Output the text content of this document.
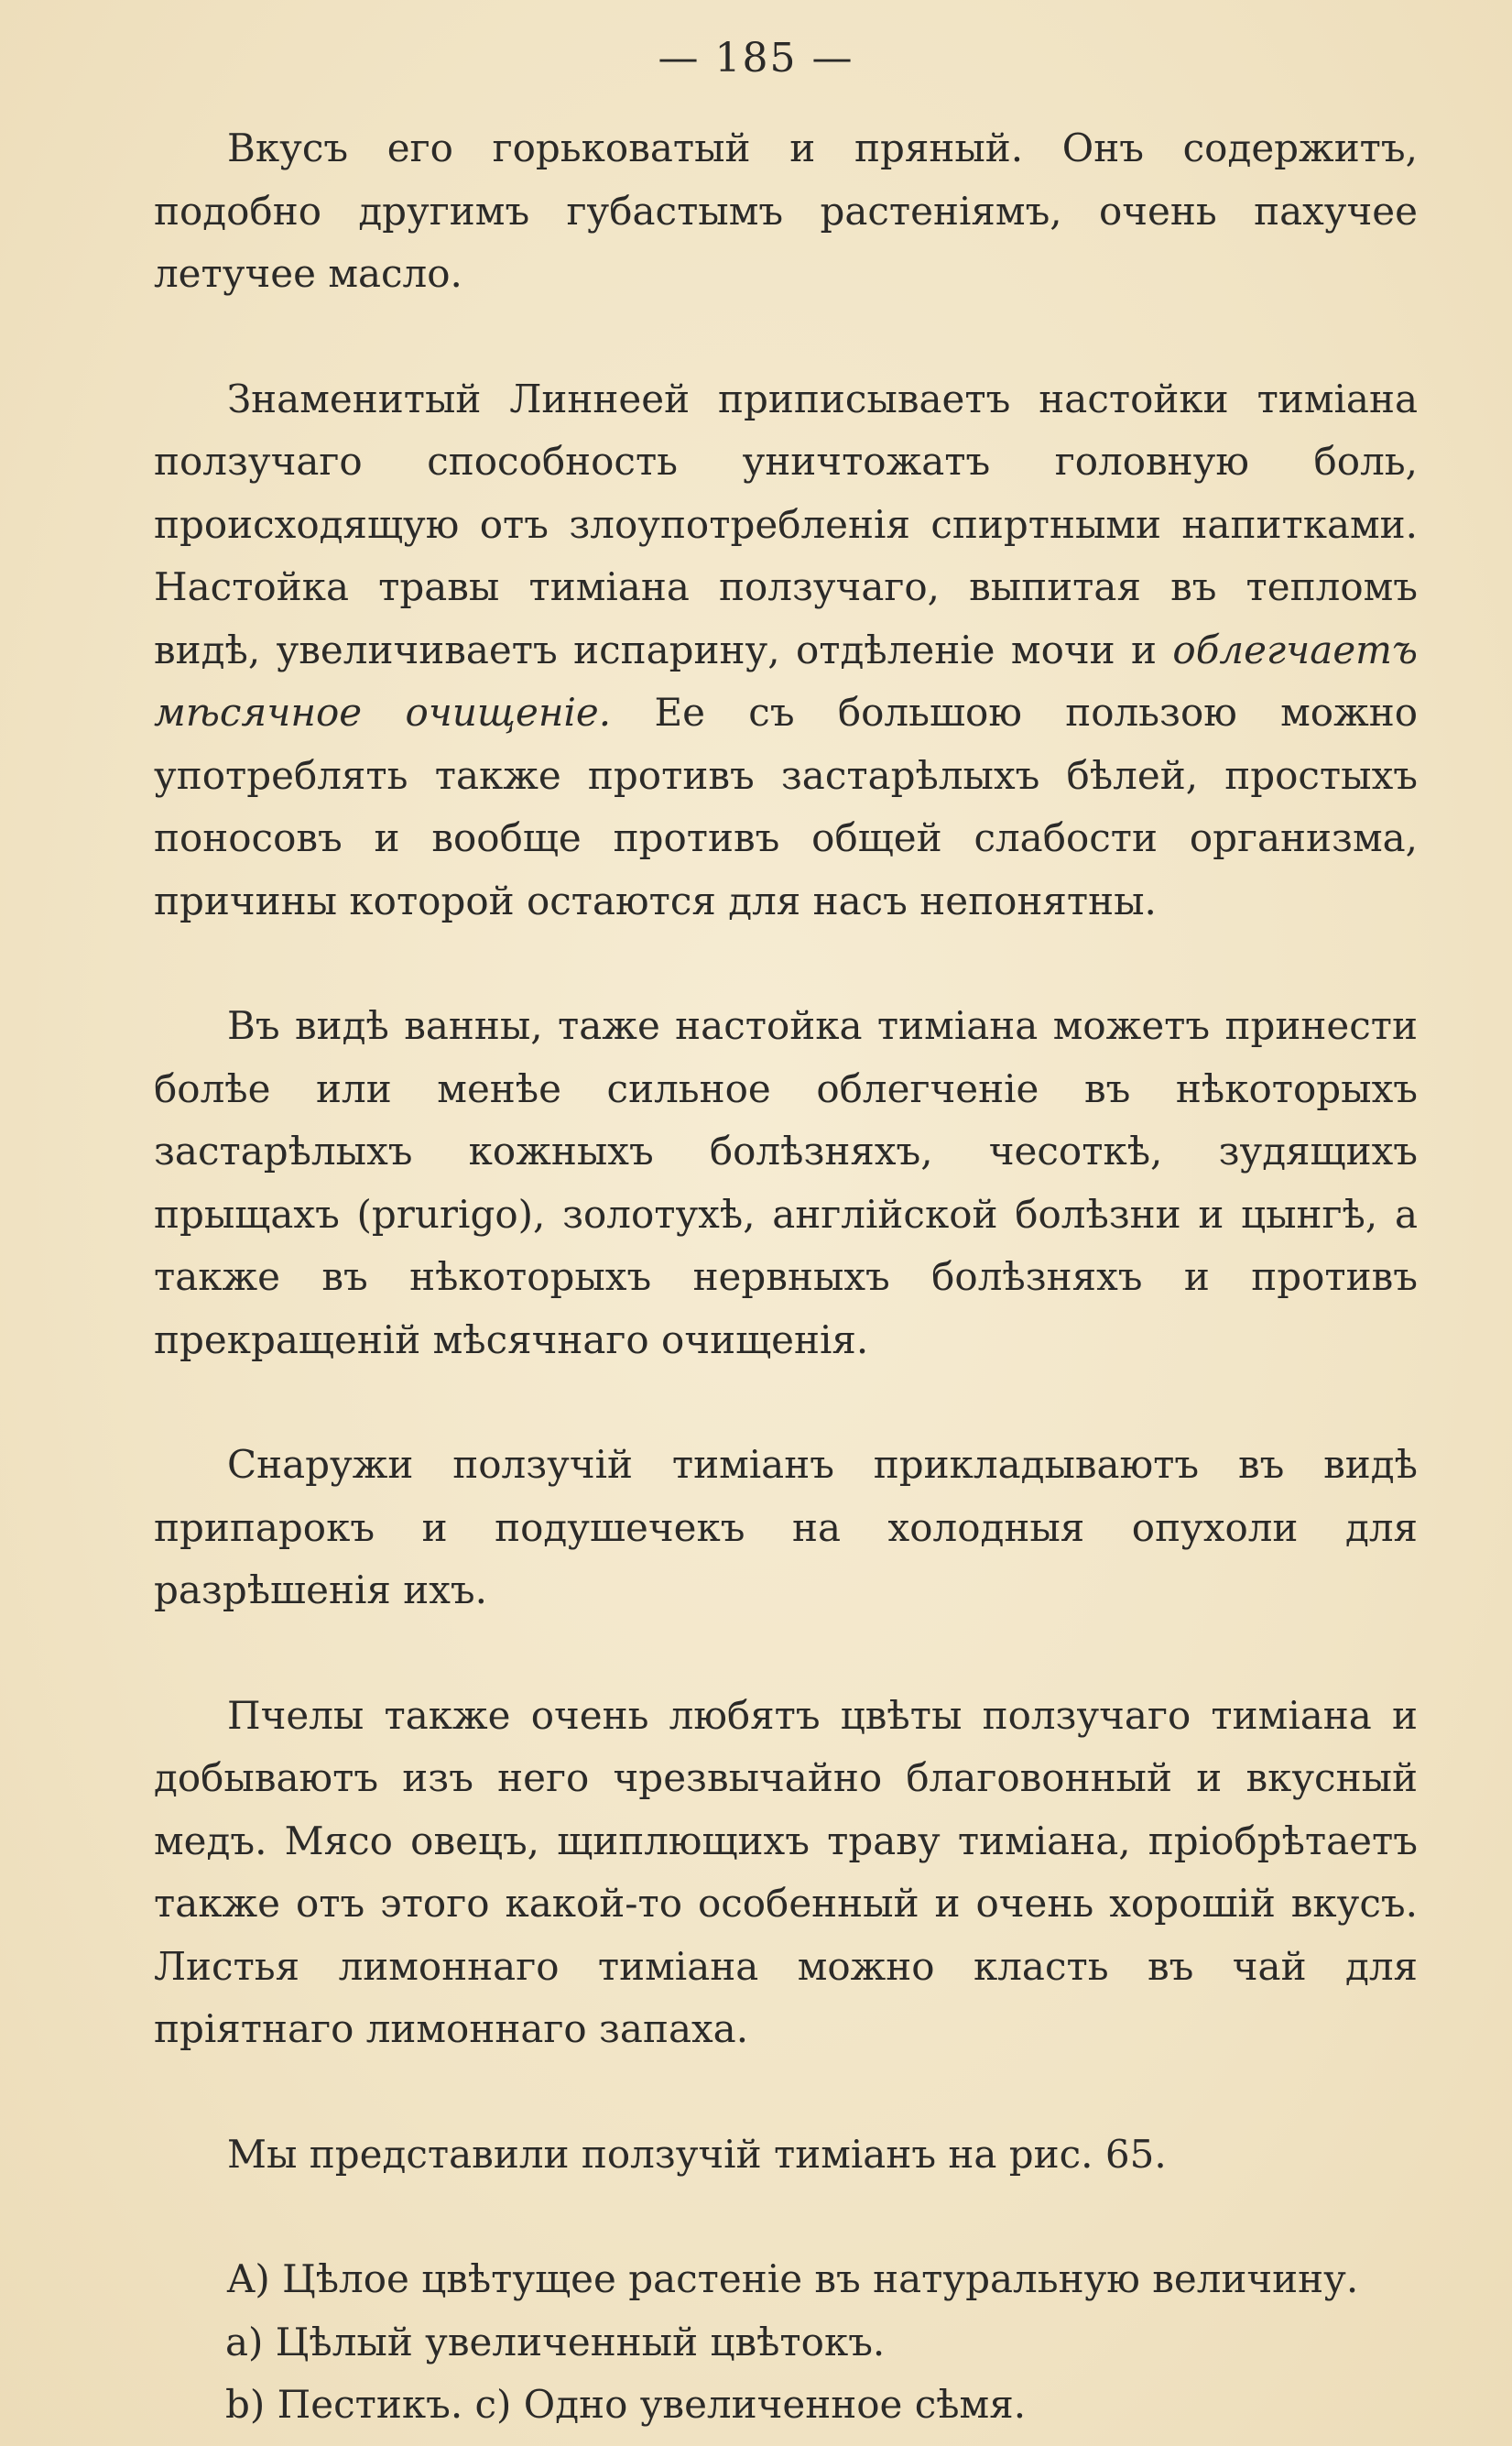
— 185 —

Вкусъ его горьковатый и пряный. Онъ содержитъ, подобно другимъ губастымъ растеніямъ, очень пахучее летучее масло.

Знаменитый Линнеей приписываетъ настойки тиміана ползучаго способность уничтожатъ головную боль, происходящую отъ злоупотребленія спиртными напитками. Настойка травы тиміана ползучаго, выпитая въ тепломъ видѣ, увеличиваетъ испарину, отдѣленіе мочи и облегчаетъ мѣсячное очищеніе. Ее съ большою пользою можно употреблять также противъ застарѣлыхъ бѣлей, простыхъ поносовъ и вообще противъ общей слабости организма, причины которой остаются для насъ непонятны.

Въ видѣ ванны, таже настойка тиміана можетъ принести болѣе или менѣе сильное облегченіе въ нѣкоторыхъ застарѣлыхъ кожныхъ болѣзняхъ, чесоткѣ, зудящихъ прыщахъ (prurigo), золотухѣ, англійской болѣзни и цынгѣ, а также въ нѣкоторыхъ нервныхъ болѣзняхъ и противъ прекращеній мѣсячнаго очищенія.

Снаружи ползучій тиміанъ прикладываютъ въ видѣ припарокъ и подушечекъ на холодныя опухоли для разрѣшенія ихъ.

Пчелы также очень любятъ цвѣты ползучаго тиміана и добываютъ изъ него чрезвычайно благовонный и вкусный медъ. Мясо овецъ, щиплющихъ траву тиміана, пріобрѣтаетъ также отъ этого какой-то особенный и очень хорошій вкусъ. Листья лимоннаго тиміана можно класть въ чай для пріятнаго лимоннаго запаха.

Мы представили ползучій тиміанъ на рис. 65.

A) Цѣлое цвѣтущее растеніе въ натуральную величину.

a) Цѣлый увеличенный цвѣтокъ.

b) Пестикъ. c) Одно увеличенное сѣмя.
